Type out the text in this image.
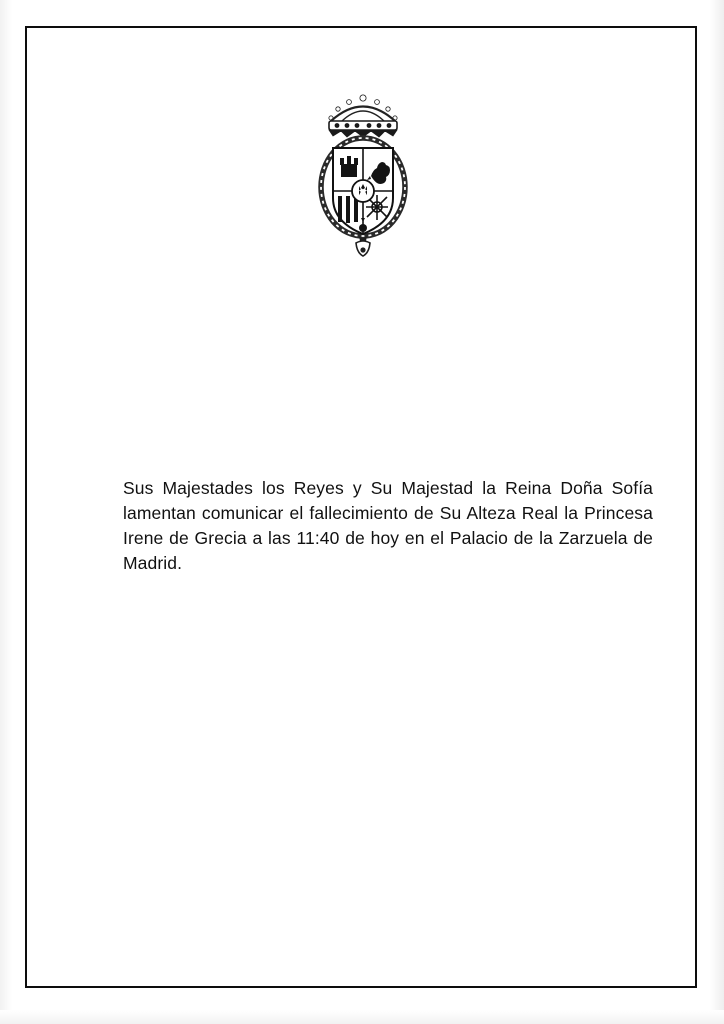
Sus Majestades los Reyes y Su Majestad la Reina Doña Sofía lamentan comunicar el fallecimiento de Su Alteza Real la Princesa Irene de Grecia a las 11:40 de hoy en el Palacio de la Zarzuela de Madrid.
